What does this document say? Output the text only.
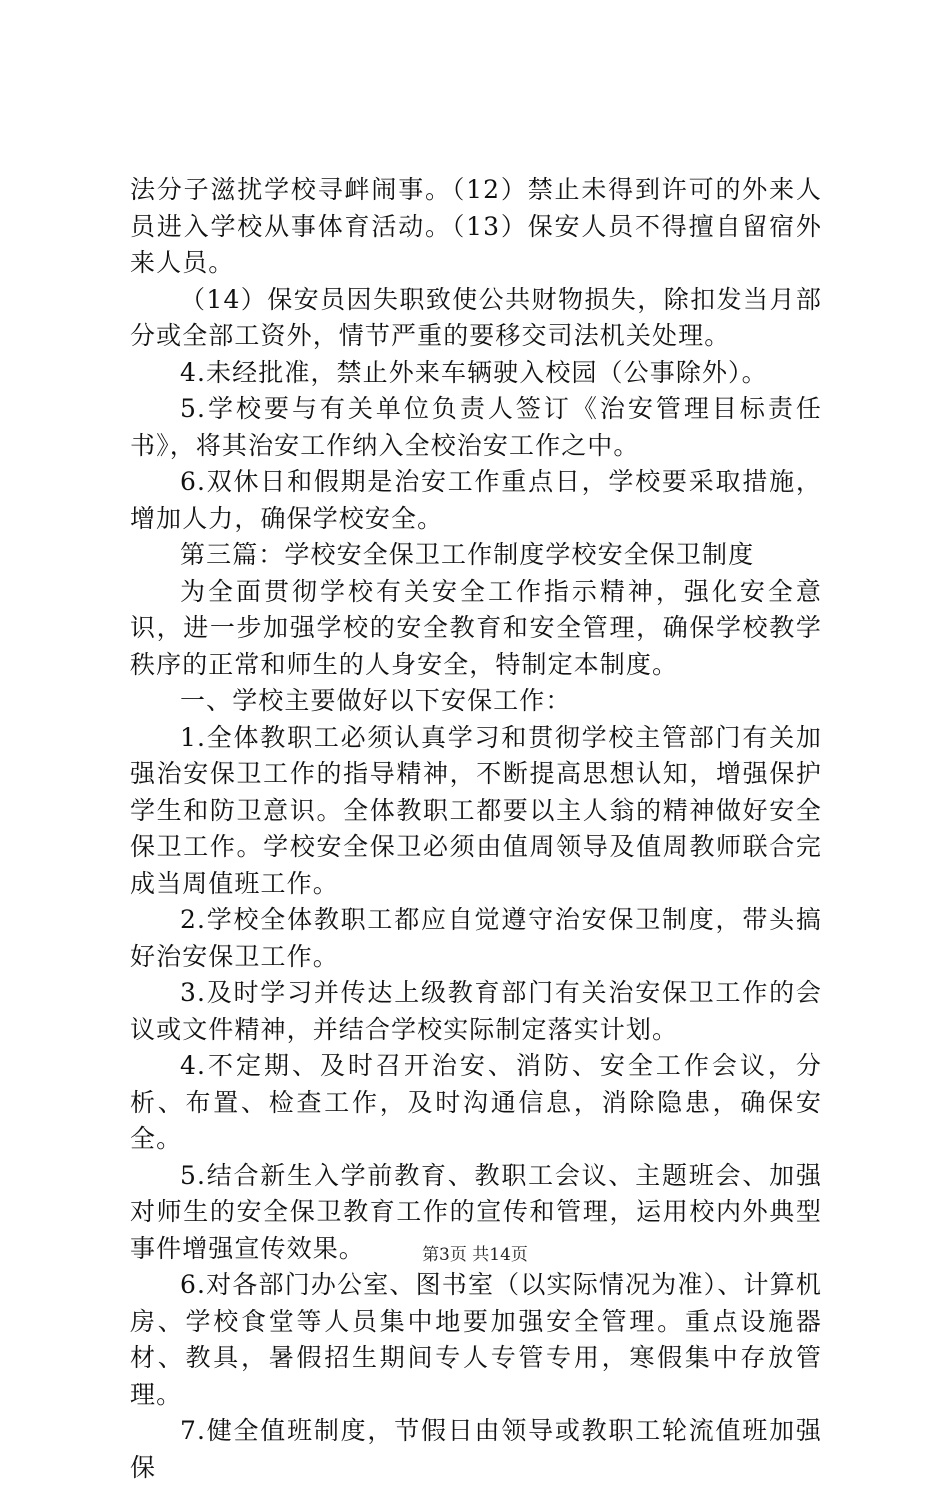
法分子滋扰学校寻衅闹事。（12）禁止未得到许可的外来人员进入学校从事体育活动。（13）保安人员不得擅自留宿外来人员。

（14）保安员因失职致使公共财物损失，除扣发当月部分或全部工资外，情节严重的要移交司法机关处理。

4.未经批准，禁止外来车辆驶入校园（公事除外）。

5.学校要与有关单位负责人签订《治安管理目标责任书》，将其治安工作纳入全校治安工作之中。

6.双休日和假期是治安工作重点日，学校要采取措施，增加人力，确保学校安全。

第三篇：学校安全保卫工作制度学校安全保卫制度

为全面贯彻学校有关安全工作指示精神，强化安全意识，进一步加强学校的安全教育和安全管理，确保学校教学秩序的正常和师生的人身安全，特制定本制度。

一、学校主要做好以下安保工作：

1.全体教职工必须认真学习和贯彻学校主管部门有关加强治安保卫工作的指导精神，不断提高思想认知，增强保护学生和防卫意识。全体教职工都要以主人翁的精神做好安全保卫工作。学校安全保卫必须由值周领导及值周教师联合完成当周值班工作。

2.学校全体教职工都应自觉遵守治安保卫制度，带头搞好治安保卫工作。

3.及时学习并传达上级教育部门有关治安保卫工作的会议或文件精神，并结合学校实际制定落实计划。

4.不定期、及时召开治安、消防、安全工作会议，分析、布置、检查工作，及时沟通信息，消除隐患，确保安全。

5.结合新生入学前教育、教职工会议、主题班会、加强对师生的安全保卫教育工作的宣传和管理，运用校内外典型事件增强宣传效果。

6.对各部门办公室、图书室（以实际情况为准）、计算机房、学校食堂等人员集中地要加强安全管理。重点设施器材、教具，暑假招生期间专人专管专用，寒假集中存放管理。

7.健全值班制度，节假日由领导或教职工轮流值班加强保

第3页 共14页
